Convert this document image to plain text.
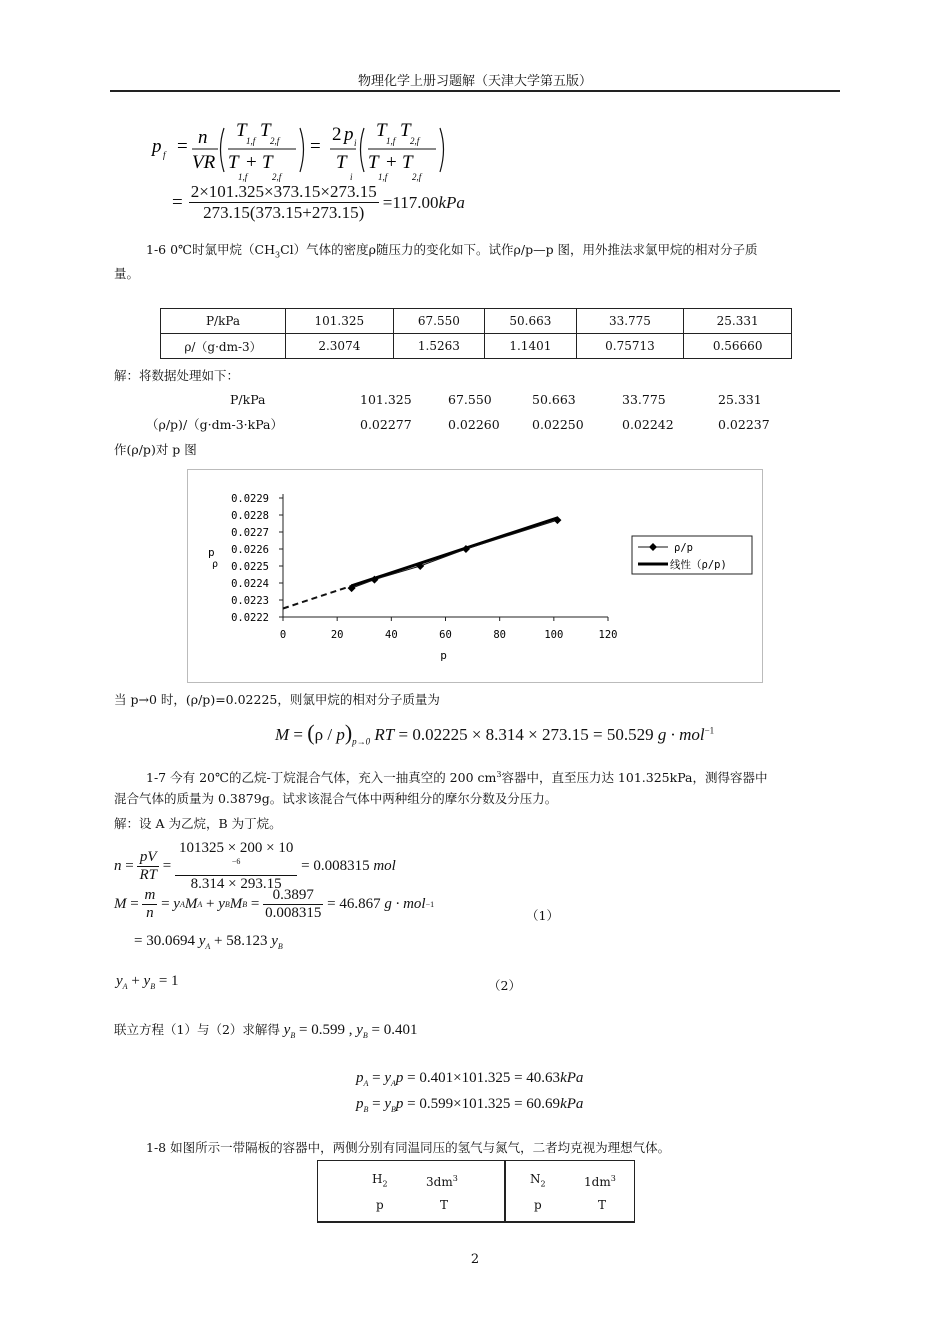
物理化学上册习题解（天津大学第五版）
p f = n
VR
T T
1,f 2,f
T + T
1,f	2,f
=
2 p i
T
i
T T
1,f 2,f
T + T
1,f	2,f
= $\frac{2\times 101.325\times 373.15\times 273.15}{273.15(373.15+273.15)} = 117.00$ kPa
1-6 0℃时氯甲烷$(CH_3Cl)$气体的密度ρ随压力的变化如下。试作ρ/p—p 图，用外推法求氯甲烷的相对分子质
量。
P/kPa	101.325	67.550	50.663	33.775	25.331
ρ/（g·dm-3）	2.3074	1.5263	1.1401	0.75713	0.56660
解：将数据处理如下：
P/kPa	101.325	67.550	50.663	33.775	25.331
（ρ/p)/（g·dm-3·kPa）	0.02277	0.02260	0.02250	0.02242	0.02237
作(ρ/p)对 p 图
0.0229
0.0228
0.0227
0.0226
0.0225
0.0224
0.0223
0.0222
0	20	40	60	80	100	120
p
ρ
p
ρ/p
线性（ρ/p)
当 p→0 时，(ρ/p)=0.02225，则氯甲烷的相对分子质量为
$M = (\rho / p)_{p\to 0}$ RT = 0.02225 × 8.314 × 273.15 = 50.529 g · mol$^{-1}$
1-7 今有 20℃的乙烷-丁烷混合气体，充入一抽真空的 200 $cm^3$容器中，直至压力达 101.325kPa，测得容器中
混合气体的质量为 0.3879g。试求该混合气体中两种组分的摩尔分数及分压力。
解：设 A 为乙烷，B 为丁烷。
$n = \frac{pV}{RT} = 101325 \times 200 \times 10$
$^{-6}$
8.314 × 293.15
= 0.008315
mol
$M = \frac{m}{n} = y$ A M A + y B M $B = \frac{0.3897}{0.008315}$
= 46.867
g · mol −1
（1）
= 30.0694 $y_A + 58.123$ $y_B$
$y_A + y_B = 1$	（2）
联立方程（1）与（2）求解得 $y_B = 0.599$ , $y_B = 0.401$
$p_A = y_Ap = 0.401\times 101.325 = 40.63kPa$
$p_B = y_Bp = 0.599\times 101.325 = 60.69kPa$
1-8 如图所示一带隔板的容器中，两侧分别有同温同压的氢气与氮气，二者均克视为理想气体。
$H_2$	$3dm^3$
p	T
$N_2$	$1dm^3$
p	T
2
